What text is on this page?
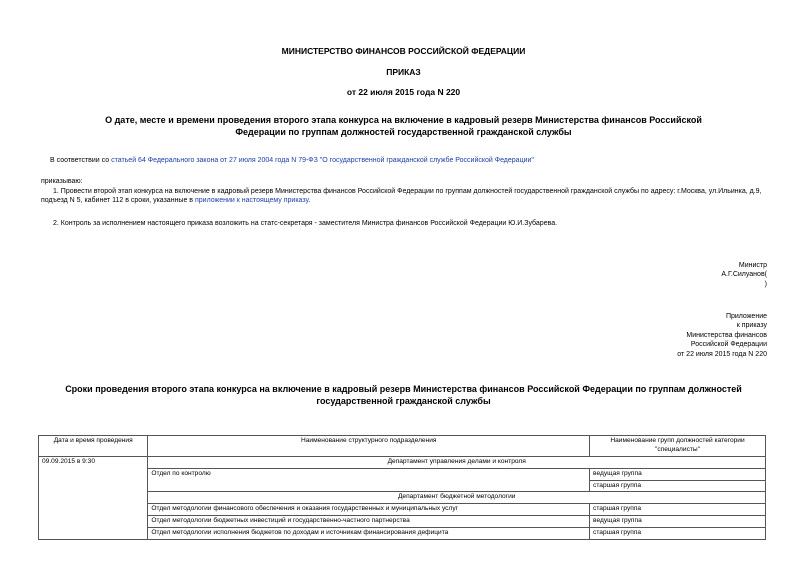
МИНИСТЕРСТВО ФИНАНСОВ РОССИЙСКОЙ ФЕДЕРАЦИИ
ПРИКАЗ
от 22 июля 2015 года N 220
О дате, месте и времени проведения второго этапа конкурса на включение в кадровый резерв Министерства финансов Российской Федерации по группам должностей государственной гражданской службы
В соответствии со статьей 64 Федерального закона от 27 июля 2004 года N 79-ФЗ "О государственной гражданской службе Российской Федерации"
приказываю:
1. Провести второй этап конкурса на включение в кадровый резерв Министерства финансов Российской Федерации по группам должностей государственной гражданской службы по адресу: г.Москва, ул.Ильинка, д.9, подъезд N 5, кабинет 112 в сроки, указанные в приложении к настоящему приказу.
2. Контроль за исполнением настоящего приказа возложить на статс-секретаря - заместителя Министра финансов Российской Федерации Ю.И.Зубарева.
Министр
А.Г.Силуанов(
)
Приложение
к приказу
Министерства финансов
Российской Федерации
от 22 июля 2015 года N 220
Сроки проведения второго этапа конкурса на включение в кадровый резерв Министерства финансов Российской Федерации по группам должностей государственной гражданской службы
Дата и время проведения	Наименование структурного подразделения	Наименование групп должностей категории "специалисты"
09.09.2015 в 9:30	Департамент управления делами и контроля	
	Отдел по контролю	ведущая группа
		старшая группа
	Департамент бюджетной методологии	
	Отдел методологии финансового обеспечения и оказания государственных и муниципальных услуг	старшая группа
	Отдел методологии бюджетных инвестиций и государственно-частного партнерства	ведущая группа
	Отдел методологии исполнения бюджетов по доходам и источникам финансирования дефицита	старшая группа
